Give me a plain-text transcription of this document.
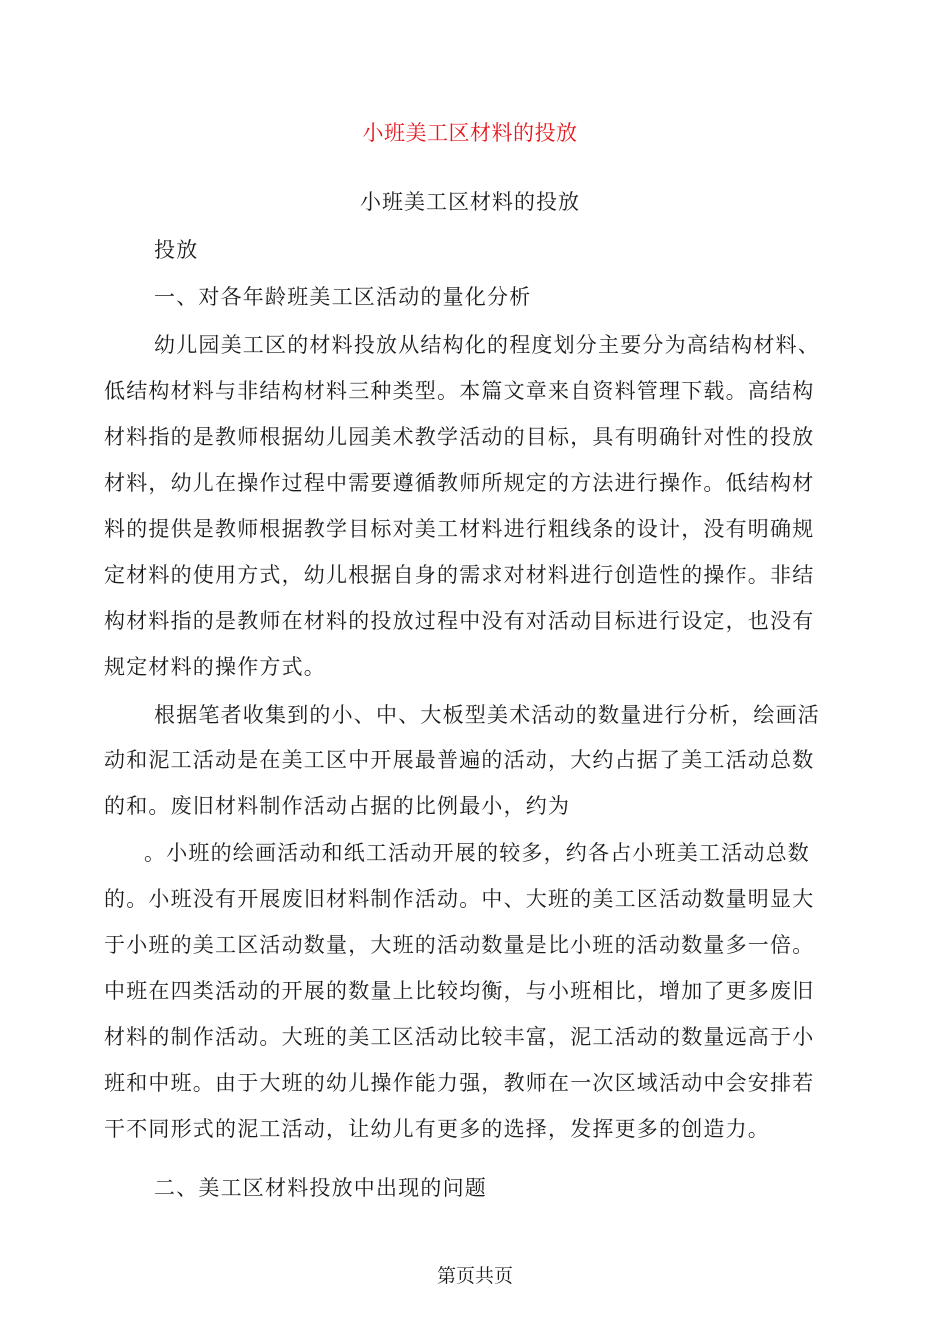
小班美工区材料的投放
小班美工区材料的投放
投放
一、对各年龄班美工区活动的量化分析
幼儿园美工区的材料投放从结构化的程度划分主要分为高结构材料、
低结构材料与非结构材料三种类型。本篇文章来自资料管理下载。高结构
材料指的是教师根据幼儿园美术教学活动的目标，具有明确针对性的投放
材料，幼儿在操作过程中需要遵循教师所规定的方法进行操作。低结构材
料的提供是教师根据教学目标对美工材料进行粗线条的设计，没有明确规
定材料的使用方式，幼儿根据自身的需求对材料进行创造性的操作。非结
构材料指的是教师在材料的投放过程中没有对活动目标进行设定，也没有
规定材料的操作方式。
根据笔者收集到的小、中、大板型美术活动的数量进行分析，绘画活
动和泥工活动是在美工区中开展最普遍的活动，大约占据了美工活动总数
的和。废旧材料制作活动占据的比例最小，约为
。小班的绘画活动和纸工活动开展的较多，约各占小班美工活动总数
的。小班没有开展废旧材料制作活动。中、大班的美工区活动数量明显大
于小班的美工区活动数量，大班的活动数量是比小班的活动数量多一倍。
中班在四类活动的开展的数量上比较均衡，与小班相比，增加了更多废旧
材料的制作活动。大班的美工区活动比较丰富，泥工活动的数量远高于小
班和中班。由于大班的幼儿操作能力强，教师在一次区域活动中会安排若
干不同形式的泥工活动，让幼儿有更多的选择，发挥更多的创造力。
二、美工区材料投放中出现的问题
第页共页
